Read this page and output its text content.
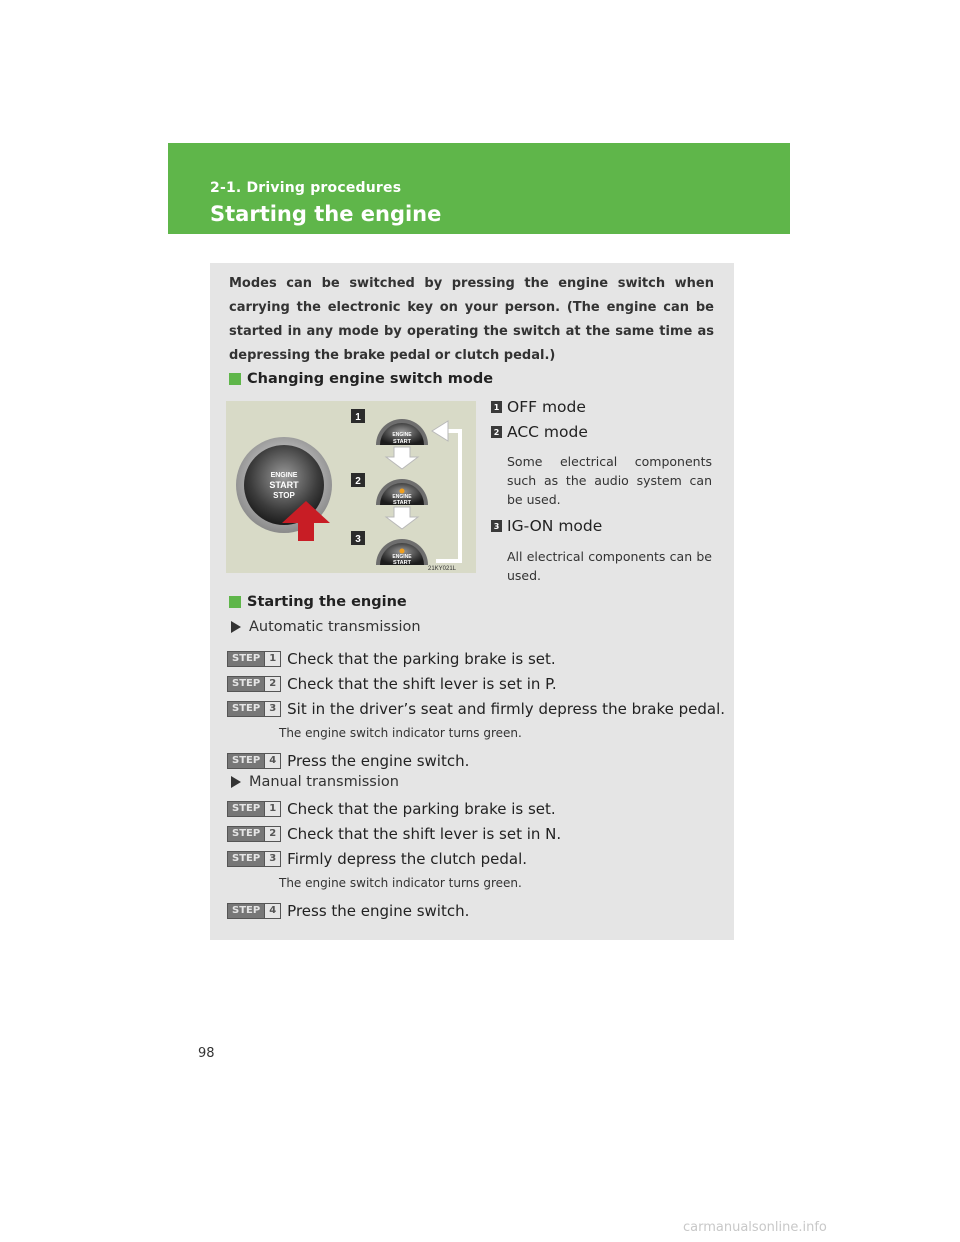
2-1. Driving procedures
Starting the engine
Modes can be switched by pressing the engine switch when carrying the electronic key on your person. (The engine can be started in any mode by operating the switch at the same time as depressing the brake pedal or clutch pedal.)
Changing engine switch mode
ENGINE
START
STOP
ENGINE
START
ENGINE
START
ENGINE
START
1
2
3
21KY021L
1 OFF mode
2 ACC mode
Some electrical components such as the audio system can be used.
3 IG-ON mode
All electrical components can be used.
Starting the engine
Automatic transmission
STEP 1 Check that the parking brake is set.
STEP 2 Check that the shift lever is set in P.
STEP 3 Sit in the driver’s seat and firmly depress the brake pedal.
The engine switch indicator turns green.
STEP 4 Press the engine switch.
Manual transmission
STEP 1 Check that the parking brake is set.
STEP 2 Check that the shift lever is set in N.
STEP 3 Firmly depress the clutch pedal.
The engine switch indicator turns green.
STEP 4 Press the engine switch.
98
carmanualsonline.info
